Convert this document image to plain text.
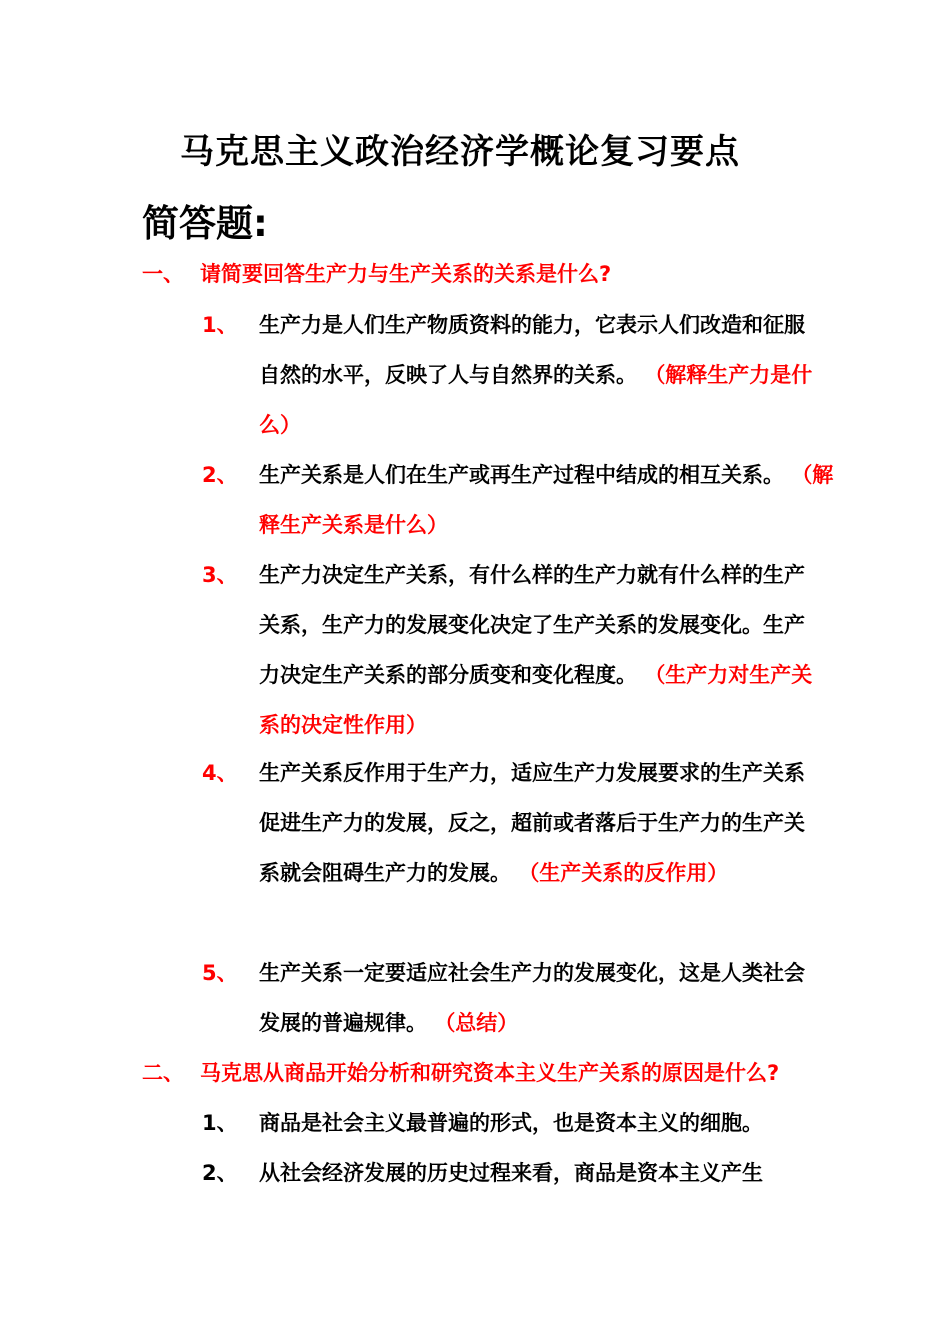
马克思主义政治经济学概论复习要点
简答题:
一、 请简要回答生产力与生产关系的关系是什么?
1、 生产力是人们生产物质资料的能力，它表示人们改造和征服自然的水平，反映了人与自然界的关系。 （解释生产力是什么）
2、 生产关系是人们在生产或再生产过程中结成的相互关系。 （解释生产关系是什么）
3、 生产力决定生产关系，有什么样的生产力就有什么样的生产关系，生产力的发展变化决定了生产关系的发展变化。生产力决定生产关系的部分质变和变化程度。 （生产力对生产关系的决定性作用）
4、 生产关系反作用于生产力，适应生产力发展要求的生产关系促进生产力的发展，反之，超前或者落后于生产力的生产关系就会阻碍生产力的发展。 （生产关系的反作用）
5、 生产关系一定要适应社会生产力的发展变化，这是人类社会发展的普遍规律。 （总结）
二、 马克思从商品开始分析和研究资本主义生产关系的原因是什么?
1、 商品是社会主义最普遍的形式，也是资本主义的细胞。
2、 从社会经济发展的历史过程来看，商品是资本主义产生
